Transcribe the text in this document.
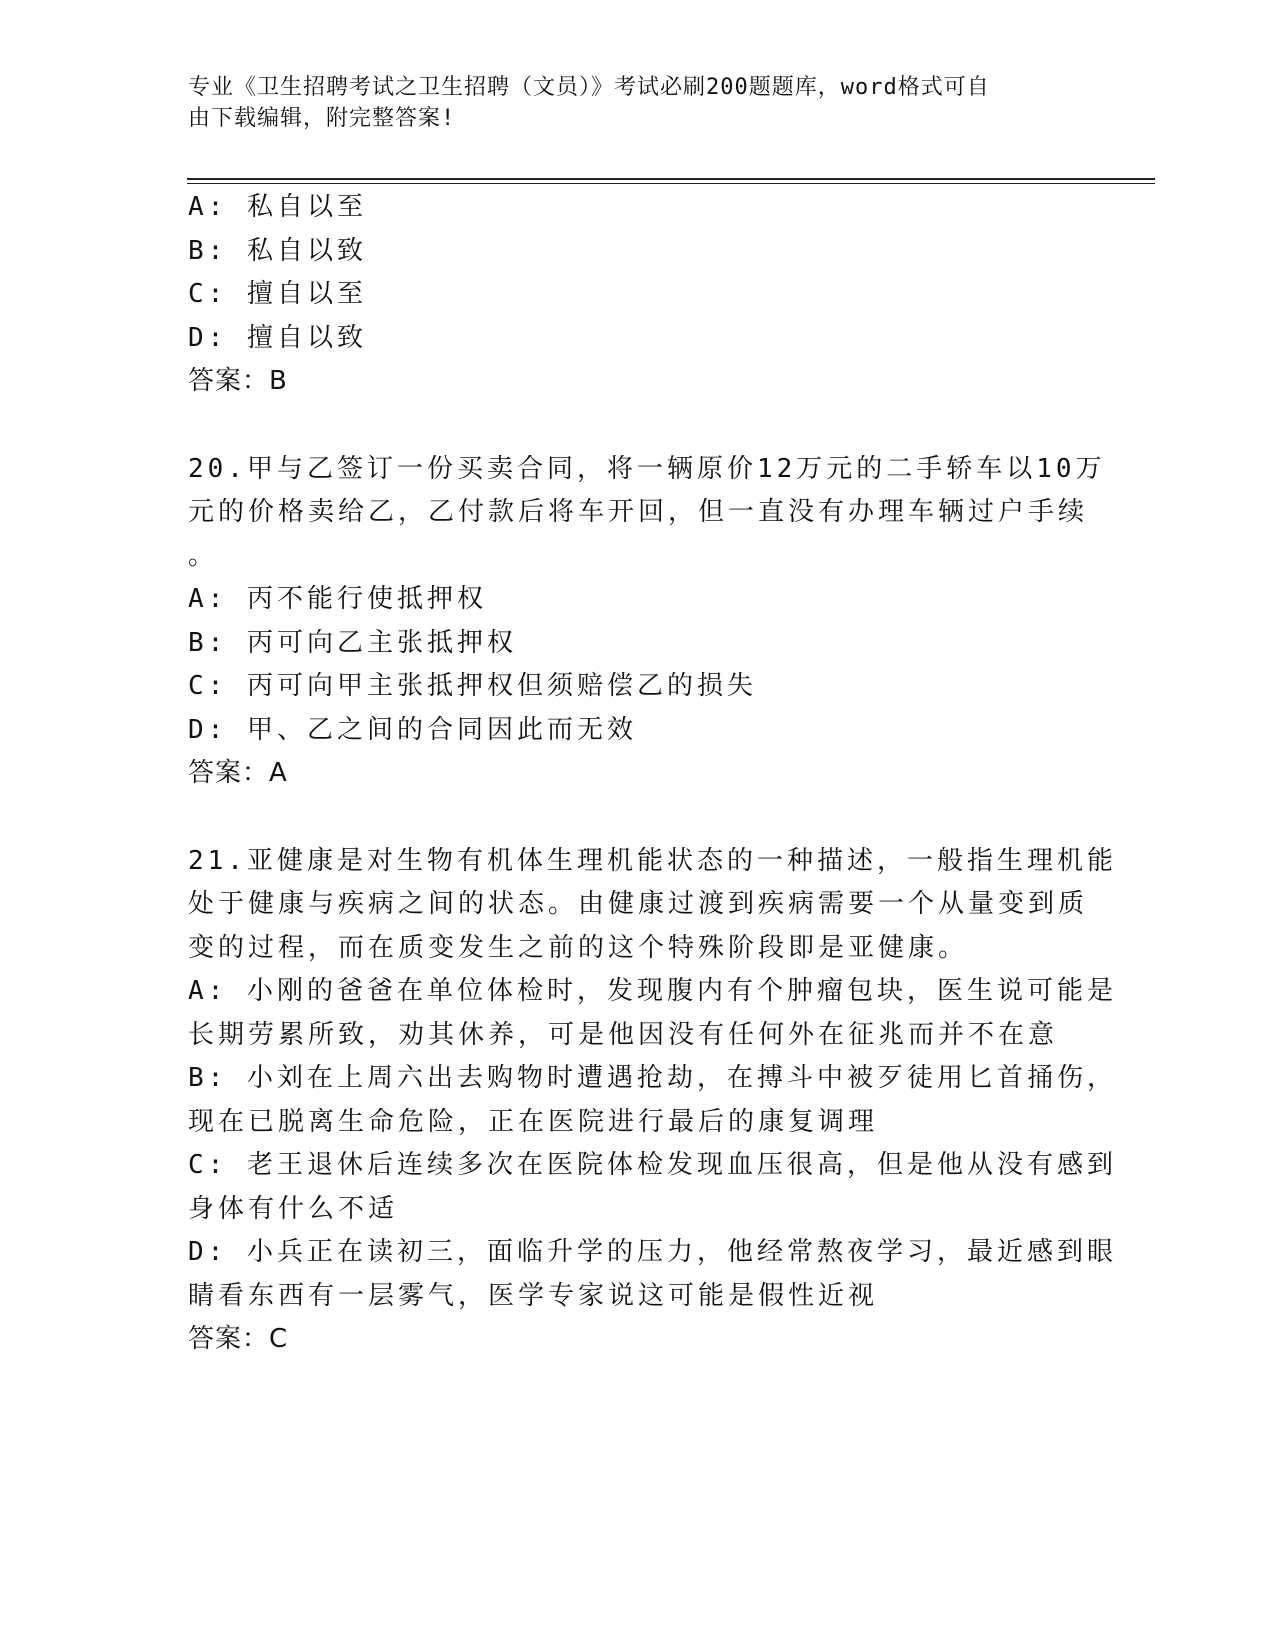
专业《卫生招聘考试之卫生招聘（文员）》考试必刷200题题库，word格式可自
由下载编辑，附完整答案!
A: 私自以至
B: 私自以致
C: 擅自以至
D: 擅自以致
答案：B
20.甲与乙签订一份买卖合同，将一辆原价12万元的二手轿车以10万
元的价格卖给乙，乙付款后将车开回，但一直没有办理车辆过户手续
。
A: 丙不能行使抵押权
B: 丙可向乙主张抵押权
C: 丙可向甲主张抵押权但须赔偿乙的损失
D: 甲、乙之间的合同因此而无效
答案：A
21.亚健康是对生物有机体生理机能状态的一种描述，一般指生理机能
处于健康与疾病之间的状态。由健康过渡到疾病需要一个从量变到质
变的过程，而在质变发生之前的这个特殊阶段即是亚健康。
A: 小刚的爸爸在单位体检时，发现腹内有个肿瘤包块，医生说可能是
长期劳累所致，劝其休养，可是他因没有任何外在征兆而并不在意
B: 小刘在上周六出去购物时遭遇抢劫，在搏斗中被歹徒用匕首捅伤，
现在已脱离生命危险，正在医院进行最后的康复调理
C: 老王退休后连续多次在医院体检发现血压很高，但是他从没有感到
身体有什么不适
D: 小兵正在读初三，面临升学的压力，他经常熬夜学习，最近感到眼
睛看东西有一层雾气，医学专家说这可能是假性近视
答案：C
